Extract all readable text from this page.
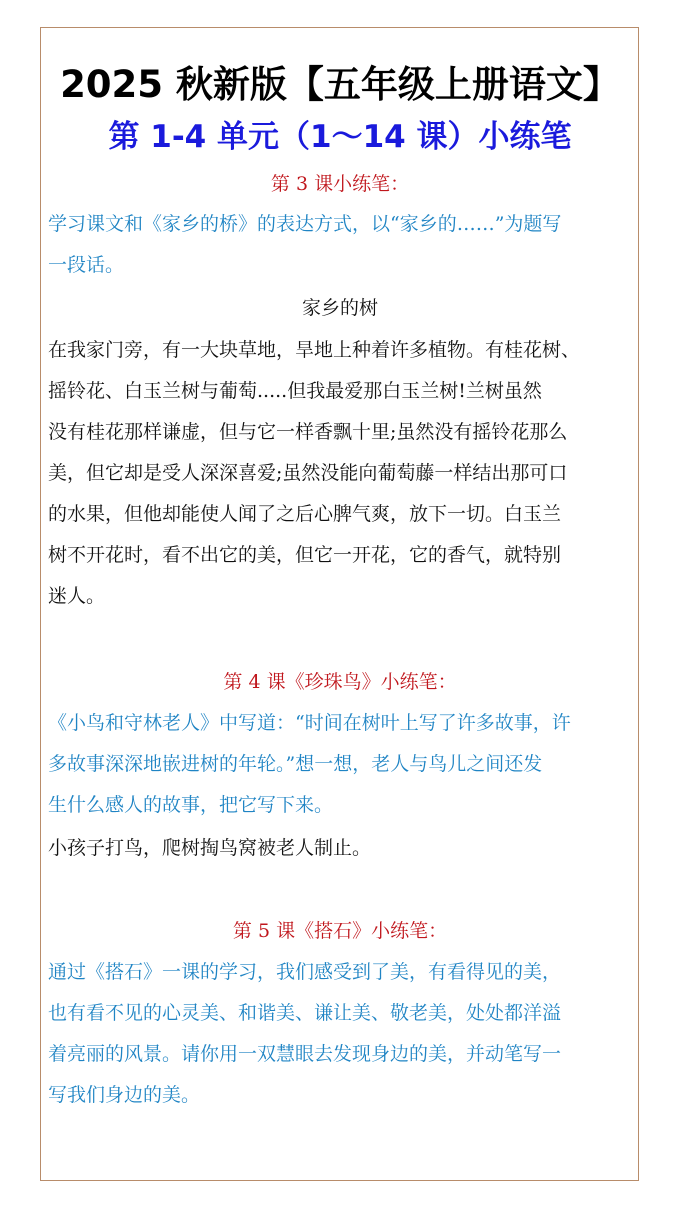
2025 秋新版【五年级上册语文】
第 1-4 单元（1～14 课）小练笔
第 3 课小练笔：
学习课文和《家乡的桥》的表达方式，以“家乡的……”为题写
一段话。
家乡的树
在我家门旁，有一大块草地，旱地上种着许多植物。有桂花树、
摇铃花、白玉兰树与葡萄.....但我最爱那白玉兰树!兰树虽然
没有桂花那样谦虚，但与它一样香飘十里;虽然没有摇铃花那么
美，但它却是受人深深喜爱;虽然没能向葡萄藤一样结出那可口
的水果，但他却能使人闻了之后心脾气爽，放下一切。白玉兰
树不开花时，看不出它的美，但它一开花，它的香气，就特别
迷人。
第 4 课《珍珠鸟》小练笔：
《小鸟和守林老人》中写道：“时间在树叶上写了许多故事，许
多故事深深地嵌进树的年轮。”想一想，老人与鸟儿之间还发
生什么感人的故事，把它写下来。
小孩子打鸟，爬树掏鸟窝被老人制止。
第 5 课《搭石》小练笔：
通过《搭石》一课的学习，我们感受到了美，有看得见的美，
也有看不见的心灵美、和谐美、谦让美、敬老美，处处都洋溢
着亮丽的风景。请你用一双慧眼去发现身边的美，并动笔写一
写我们身边的美。
